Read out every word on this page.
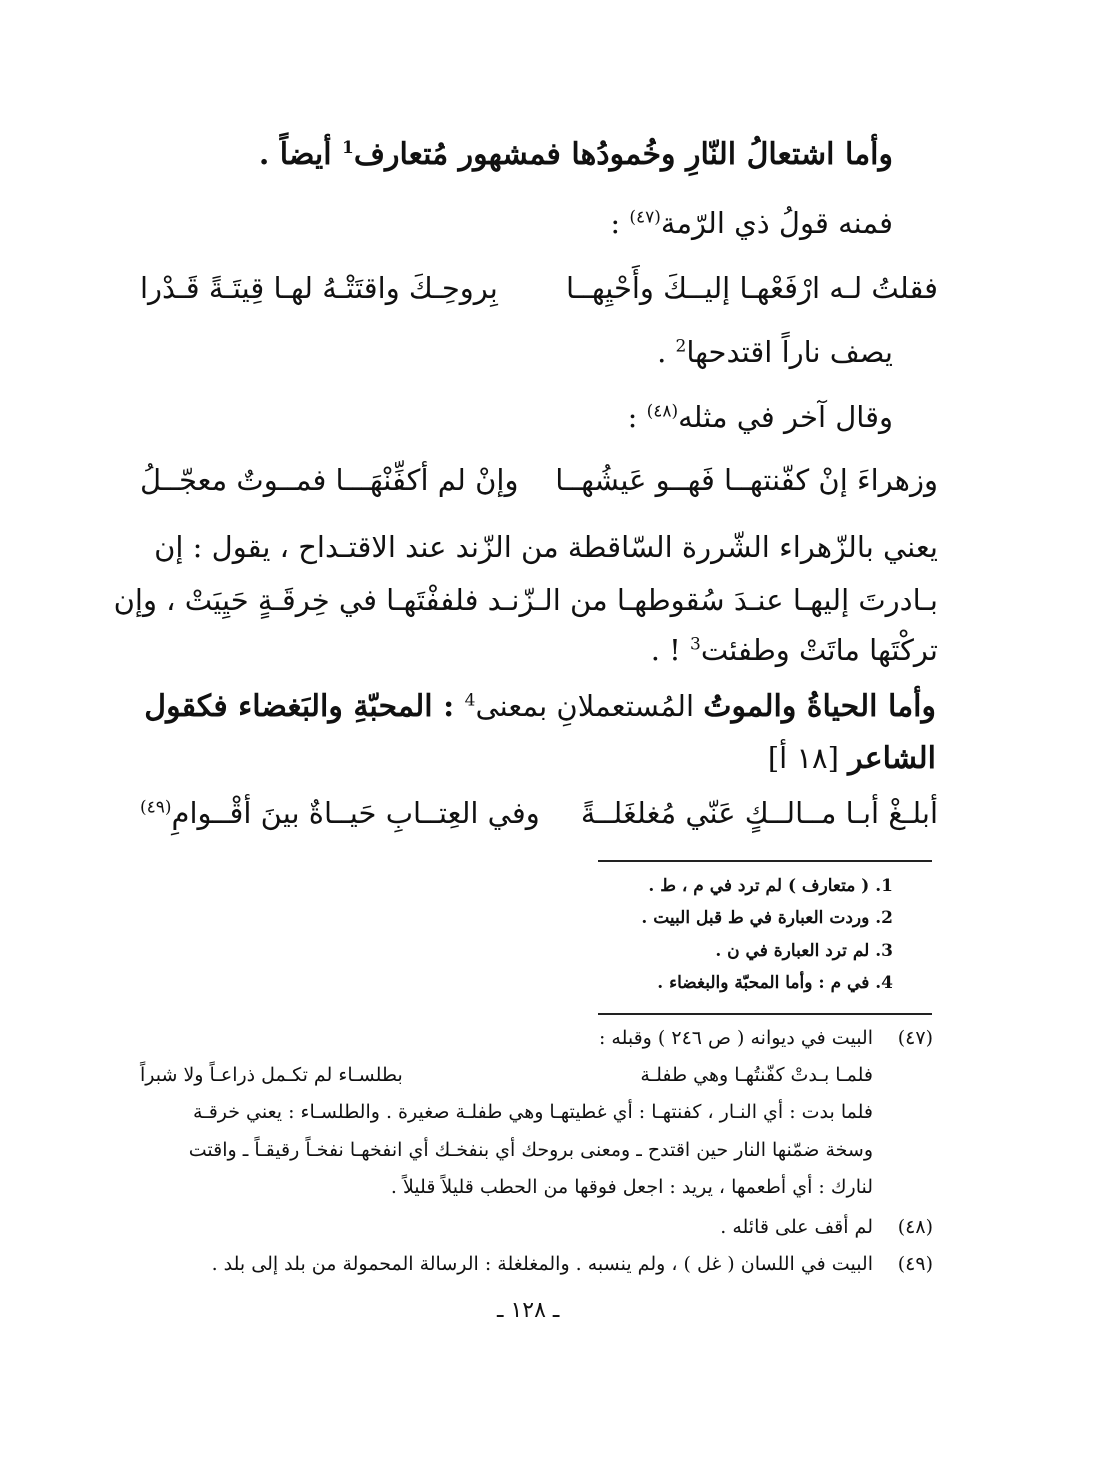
وأما اشتعالُ النّارِ وخُمودُها فمشهور مُتعارف$^1$ أيضاً .
فمنه قولُ ذي الرّمة$^{(٤٧)}$ :
فقلتُ لـه ارْفَعْهـا إليــكَ وأَحْيِهــا
بِروحِـكَ واقتَتْـهُ لهـا قِيتَـةً قَـدْرا
يصف ناراً اقتدحها$^2$ .
وقال آخر في مثله$^{(٤٨)}$ :
وزهراءَ إنْ كفّنتهــا فَهــو عَيشُهــا
وإنْ لم أكفِّنْهَـــا فمــوتٌ معجّــلُ
يعني بالزّهراء الشّررة السّاقطة من الزّند عند الاقتـداح ، يقول : إن
بـادرتَ إليهـا عنـدَ سُقوطهـا من الـزّنـد فلففْتَهـا في خِرقَـةٍ حَيِيَتْ ، وإن
تركْتَها ماتَتْ وطفئت$^3$ ! .
وأما الحياةُ والموتُ المُستعملانِ بمعنى$^4$ : المحبّةِ والبَغضاء فكقول
الشاعر [١٨ أ]
أبلـغْ أبـا مــالــكٍ عَنّي مُغلغَلــةً
وفي العِتــابِ حَيــاةٌ بينَ أقْــوامِ$^{(٤٩)}$
1. ( متعارف ) لم ترد في م ، ط .
2. وردت العبارة في ط قبل البيت .
3. لم ترد العبارة في ن .
4. في م : وأما المحبّة والبغضاء .
(٤٧)
البيت في ديوانه ( ص ٢٤٦ ) وقبله :
فلمـا بـدتْ كفّنتُهـا وهي طفلـة
بطلسـاء لم تكـمل ذراعـاً ولا شبراً
فلما بدت : أي النـار ، كفنتهـا : أي غطيتهـا وهي طفلـة صغيرة . والطلسـاء : يعني خرقـة
وسخة ضمّنها النار حين اقتدح ـ ومعنى بروحك أي بنفخـك أي انفخهـا نفخـاً رقيقـاً ـ واقتت
لنارك : أي أطعمها ، يريد : اجعل فوقها من الحطب قليلاً قليلاً .
(٤٨)
لم أقف على قائله .
(٤٩)
البيت في اللسان ( غل ) ، ولم ينسبه . والمغلغلة : الرسالة المحمولة من بلد إلى بلد .
ـ ١٢٨ ـ
